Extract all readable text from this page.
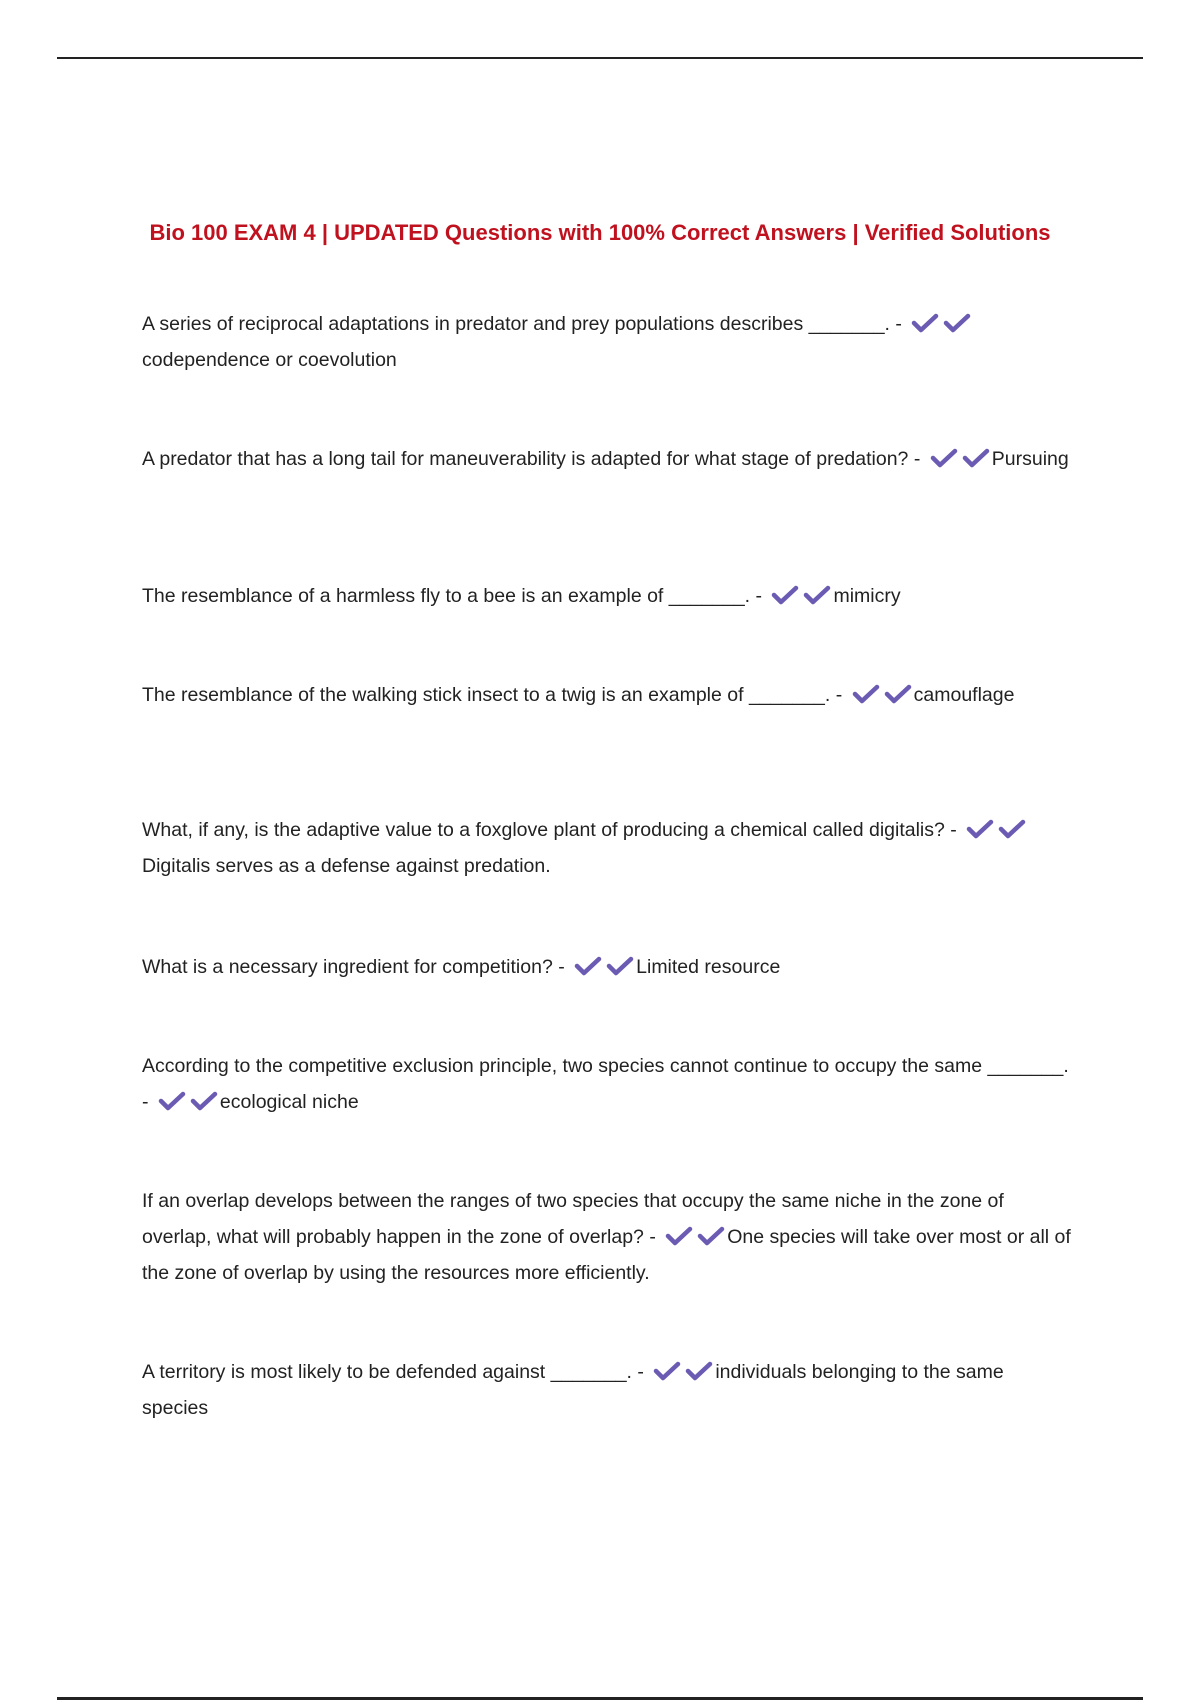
Bio 100 EXAM 4 | UPDATED Questions with 100% Correct Answers | Verified Solutions
A series of reciprocal adaptations in predator and prey populations describes _______. -
codependence or coevolution
A predator that has a long tail for maneuverability is adapted for what stage of predation? -	Pursuing
The resemblance of a harmless fly to a bee is an example of _______. -	mimicry
The resemblance of the walking stick insect to a twig is an example of _______. -	camouflage
What, if any, is the adaptive value to a foxglove plant of producing a chemical called digitalis? -
Digitalis serves as a defense against predation.
What is a necessary ingredient for competition? -	Limited resource
According to the competitive exclusion principle, two species cannot continue to occupy the same _______. -	ecological niche
If an overlap develops between the ranges of two species that occupy the same niche in the zone of overlap, what will probably happen in the zone of overlap? -	One species will take over most or all of the zone of overlap by using the resources more efficiently.
A territory is most likely to be defended against _______. -	individuals belonging to the same species
